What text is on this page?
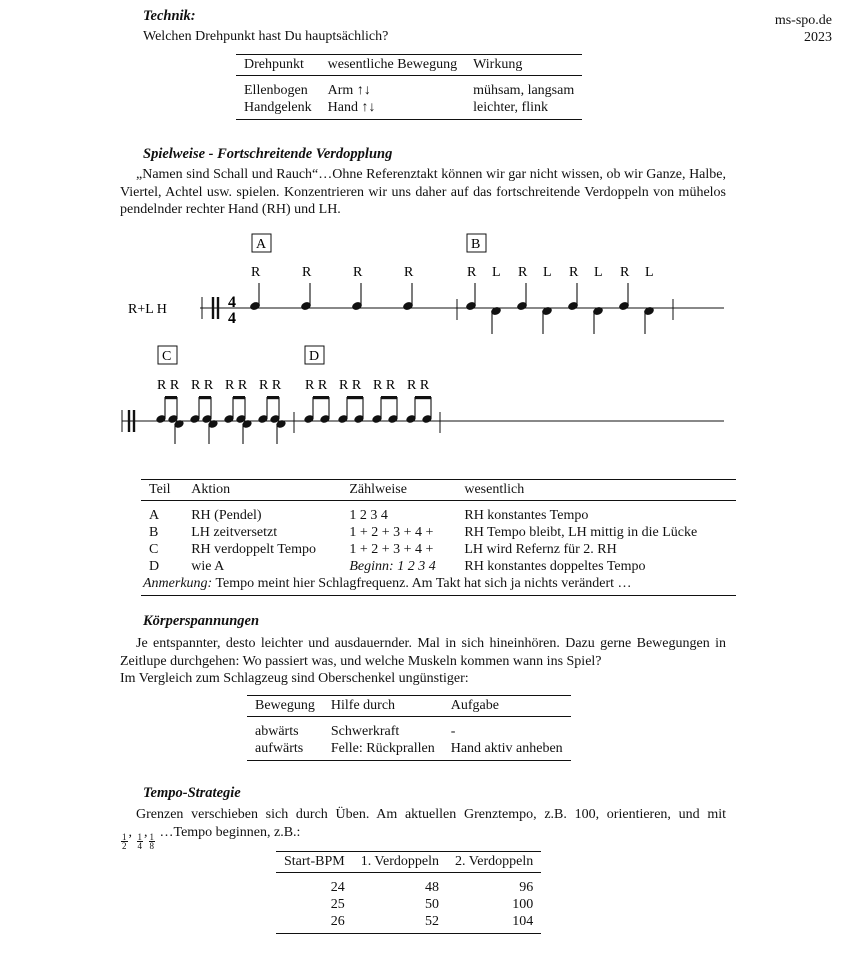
ms-spo.de
2023
Technik:
Welchen Drehpunkt hast Du hauptsächlich?
Drehpunkt	wesentliche Bewegung	Wirkung
Ellenbogen	Arm ↑↓	mühsam, langsam
Handgelenk	Hand ↑↓	leichter, flink
Spielweise - Fortschreitende Verdopplung
„Namen sind Schall und Rauch“…Ohne Referenztakt können wir gar nicht wissen, ob wir Ganze, Halbe, Viertel, Achtel usw. spielen. Konzentrieren wir uns daher auf das fortschreitende Verdoppeln von mühelos pendelnder rechter Hand (RH) und LH.
R+L H	4
4
A	B
R	R	R	R	R L R L R L R L
C	D
R R R R R R R R R R R R R R R R
Teil	Aktion	Zählweise	wesentlich
A	RH (Pendel)	1 2 3 4	RH konstantes Tempo
B	LH zeitversetzt	1 + 2 + 3 + 4 +	RH Tempo bleibt, LH mittig in die Lücke
C	RH verdoppelt Tempo	1 + 2 + 3 + 4 +	LH wird Refernz für 2. RH
D	wie A	Beginn: 1 2 3 4	RH konstantes doppeltes Tempo
Anmerkung: Tempo meint hier Schlagfrequenz. Am Takt hat sich ja nichts verändert …			
Körperspannungen
Je entspannter, desto leichter und ausdauernder. Mal in sich hineinhören. Dazu gerne Bewegungen in Zeitlupe durchgehen: Wo passiert was, und welche Muskeln kommen wann ins Spiel?
Im Vergleich zum Schlagzeug sind Oberschenkel ungünstiger:
Bewegung	Hilfe durch	Aufgabe
abwärts	Schwerkraft	-
aufwärts	Felle: Rückprallen	Hand aktiv anheben
Tempo-Strategie
Grenzen verschieben sich durch Üben. Am aktuellen Grenztempo, z.B. 100, orientieren, und mit
$\frac{1}{2}$
,
$\frac{1}{4}$
,
$\frac{1}{8}$
…Tempo beginnen, z.B.:
Start-BPM	1. Verdoppeln	2. Verdoppeln
24	48	96
25	50	100
26	52	104
